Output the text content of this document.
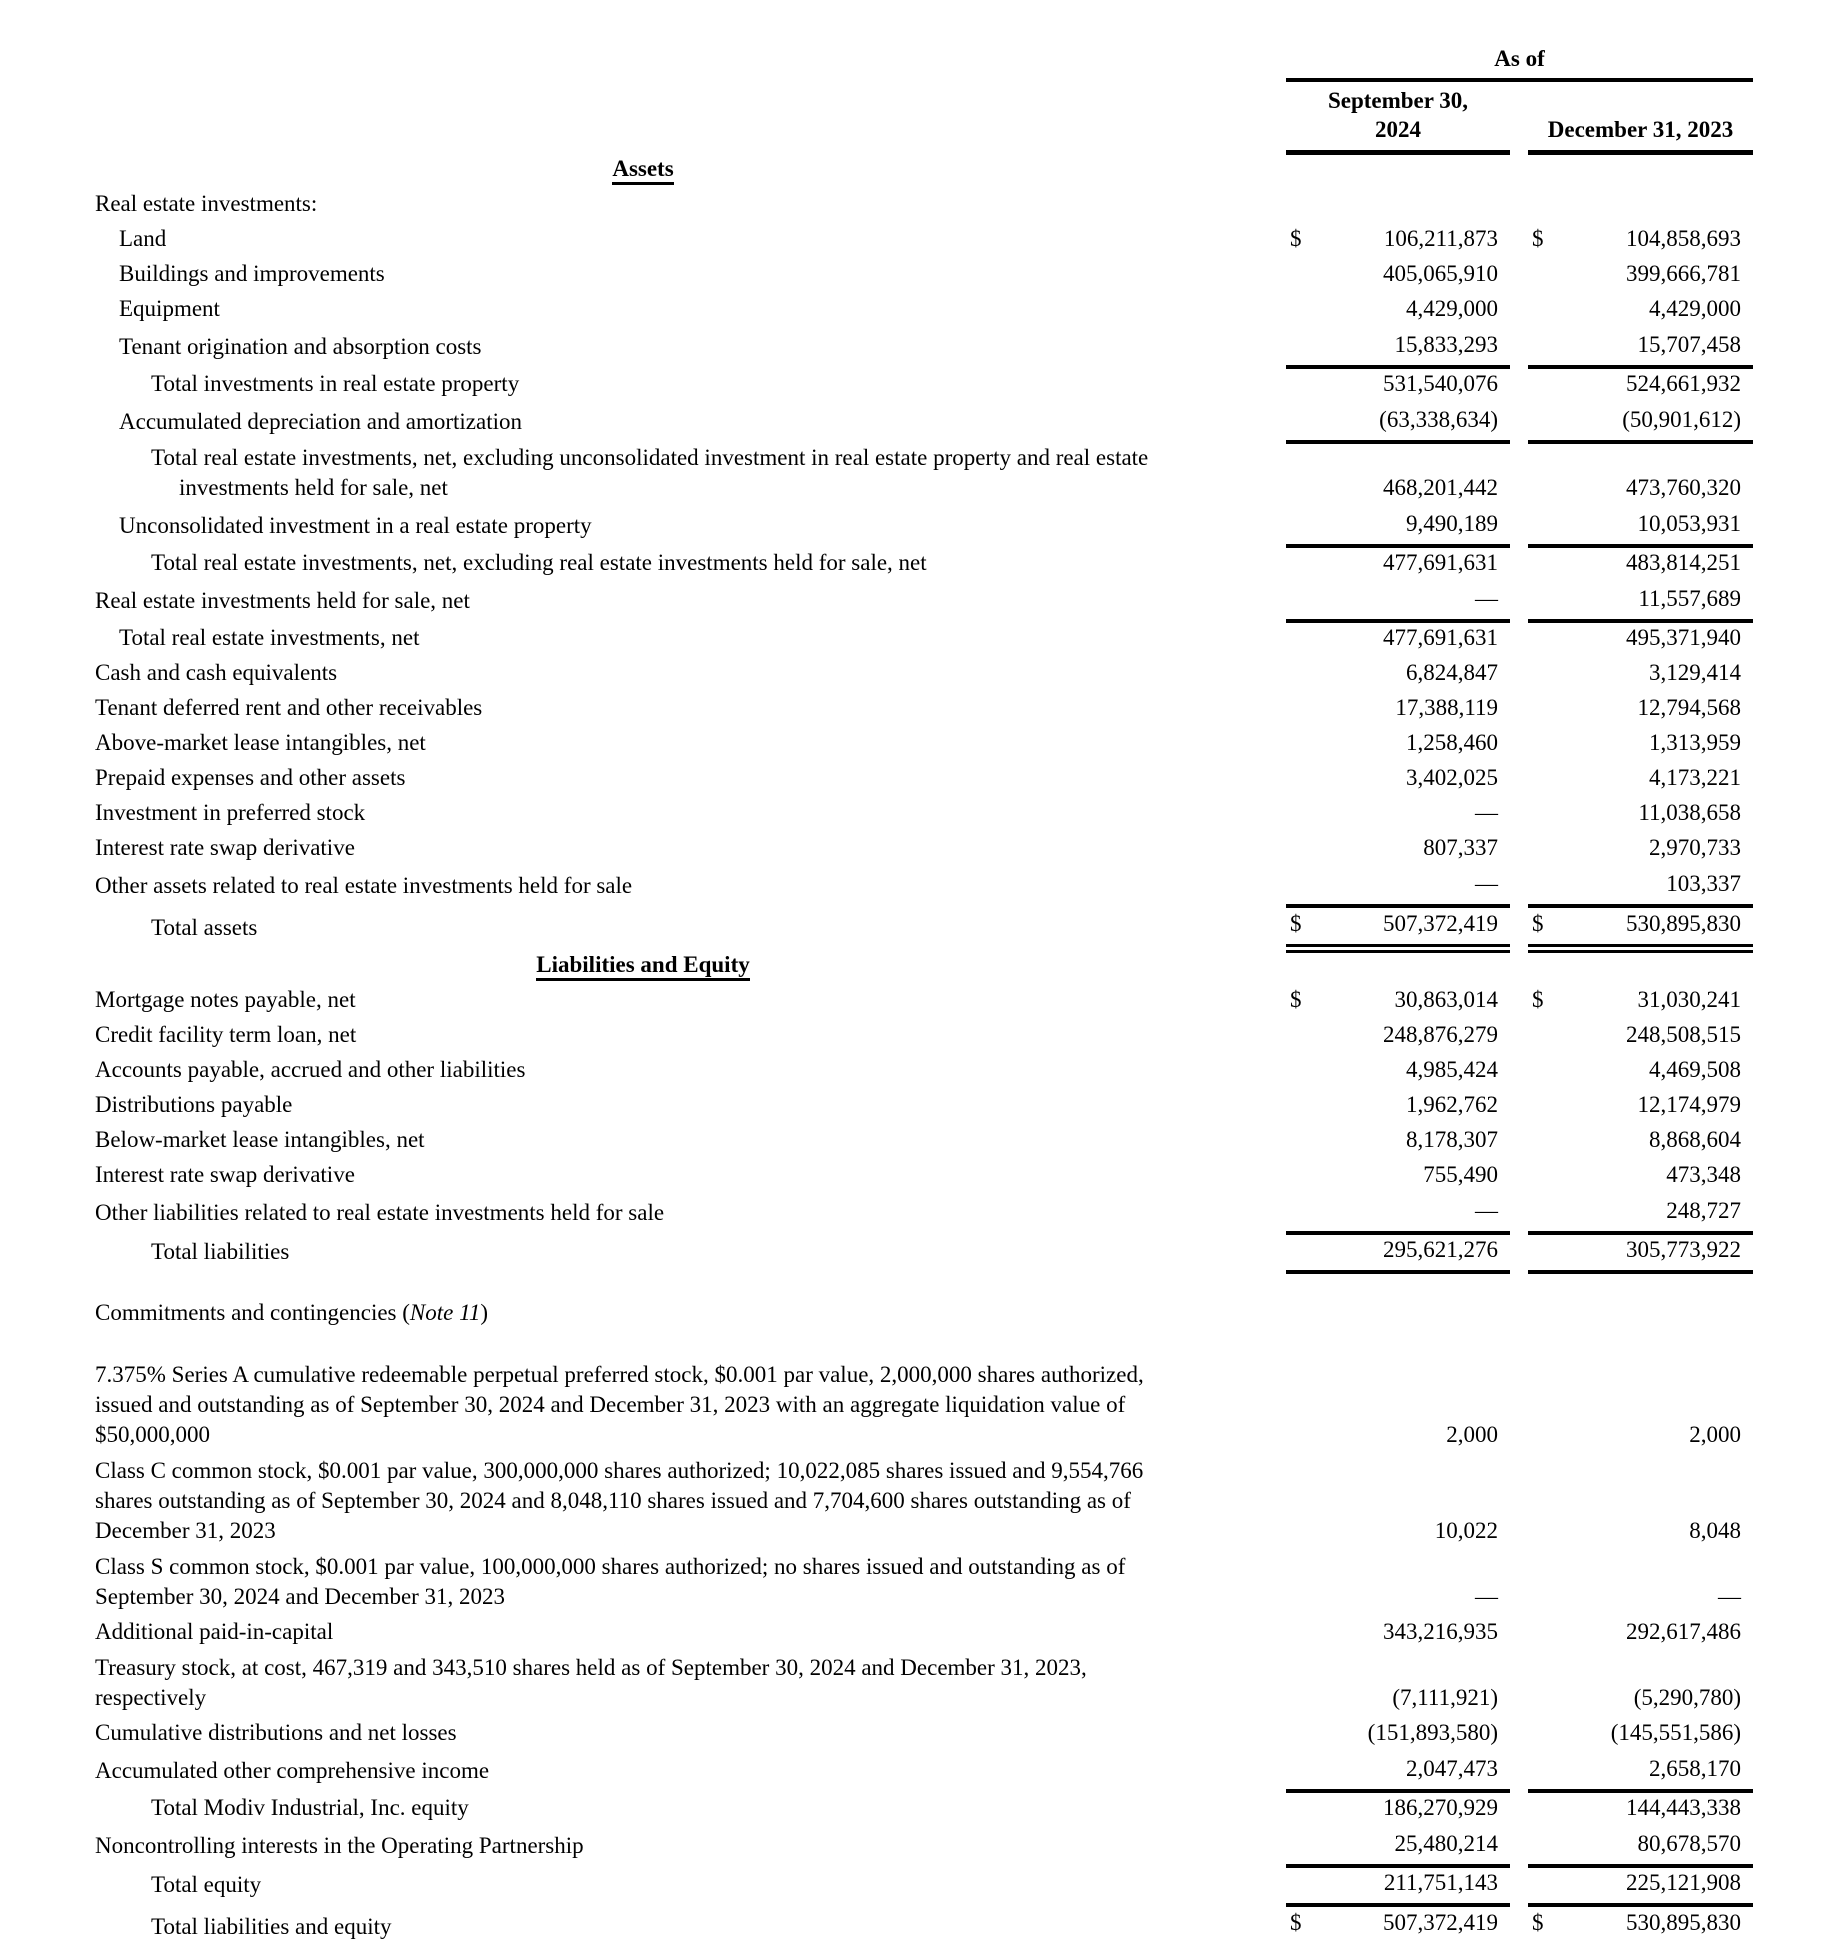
	As of					

	September 30,
2024			December 31, 2023		

Assets						
Real estate investments:						
Land	$	106,211,873		$	104,858,693	
Buildings and improvements		405,065,910			399,666,781	
Equipment		4,429,000			4,429,000	
Tenant origination and absorption costs		15,833,293			15,707,458	
Total investments in real estate property		531,540,076			524,661,932	
Accumulated depreciation and amortization		(63,338,634)			(50,901,612)	

Total real estate investments, net, excluding unconsolidated investment in real estate property and real estate
investments held for sale, net		468,201,442			473,760,320	
Unconsolidated investment in a real estate property		9,490,189			10,053,931	
Total real estate investments, net, excluding real estate investments held for sale, net		477,691,631			483,814,251	
Real estate investments held for sale, net		—			11,557,689	
Total real estate investments, net		477,691,631			495,371,940	
Cash and cash equivalents		6,824,847			3,129,414	
Tenant deferred rent and other receivables		17,388,119			12,794,568	
Above-market lease intangibles, net		1,258,460			1,313,959	
Prepaid expenses and other assets		3,402,025			4,173,221	
Investment in preferred stock		—			11,038,658	
Interest rate swap derivative		807,337			2,970,733	
Other assets related to real estate investments held for sale		—			103,337	
Total assets	$	507,372,419		$	530,895,830	
Liabilities and Equity						
Mortgage notes payable, net	$	30,863,014		$	31,030,241	
Credit facility term loan, net		248,876,279			248,508,515	
Accounts payable, accrued and other liabilities		4,985,424			4,469,508	
Distributions payable		1,962,762			12,174,979	
Below-market lease intangibles, net		8,178,307			8,868,604	
Interest rate swap derivative		755,490			473,348	
Other liabilities related to real estate investments held for sale		—			248,727	
Total liabilities		295,621,276			305,773,922	

Commitments and contingencies (Note 11)						

7.375% Series A cumulative redeemable perpetual preferred stock, $0.001 par value, 2,000,000 shares authorized,
issued and outstanding as of September 30, 2024 and December 31, 2023 with an aggregate liquidation value of
$50,000,000		2,000			2,000	

Class C common stock, $0.001 par value, 300,000,000 shares authorized; 10,022,085 shares issued and 9,554,766
shares outstanding as of September 30, 2024 and 8,048,110 shares issued and 7,704,600 shares outstanding as of
December 31, 2023		10,022			8,048	

Class S common stock, $0.001 par value, 100,000,000 shares authorized; no shares issued and outstanding as of
September 30, 2024 and December 31, 2023		—			—	
Additional paid-in-capital		343,216,935			292,617,486	

Treasury stock, at cost, 467,319 and 343,510 shares held as of September 30, 2024 and December 31, 2023,
respectively		(7,111,921)			(5,290,780)	
Cumulative distributions and net losses		(151,893,580)			(145,551,586)	
Accumulated other comprehensive income		2,047,473			2,658,170	
Total Modiv Industrial, Inc. equity		186,270,929			144,443,338	
Noncontrolling interests in the Operating Partnership		25,480,214			80,678,570	
Total equity		211,751,143			225,121,908	
Total liabilities and equity	$	507,372,419		$	530,895,830	
